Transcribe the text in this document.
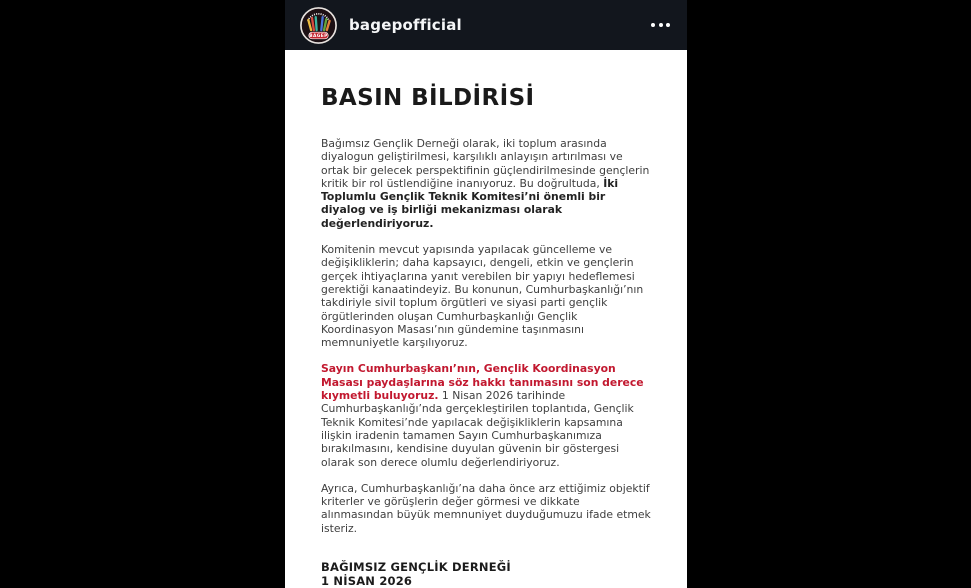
BAGEP
bagepofficial
BASIN BİLDİRİSİ

Bağımsız Gençlik Derneği olarak, iki toplum arasında diyalogun geliştirilmesi, karşılıklı anlayışın artırılması ve ortak bir gelecek perspektifinin güçlendirilmesinde gençlerin kritik bir rol üstlendiğine inanıyoruz. Bu doğrultuda, İki Toplumlu Gençlik Teknik Komitesi’ni önemli bir diyalog ve iş birliği mekanizması olarak değerlendiriyoruz.

Komitenin mevcut yapısında yapılacak güncelleme ve değişikliklerin; daha kapsayıcı, dengeli, etkin ve gençlerin gerçek ihtiyaçlarına yanıt verebilen bir yapıyı hedeflemesi gerektiği kanaatindeyiz. Bu konunun, Cumhurbaşkanlığı’nın takdiriyle sivil toplum örgütleri ve siyasi parti gençlik örgütlerinden oluşan Cumhurbaşkanlığı Gençlik Koordinasyon Masası’nın gündemine taşınmasını memnuniyetle karşılıyoruz.

Sayın Cumhurbaşkanı’nın, Gençlik Koordinasyon Masası paydaşlarına söz hakkı tanımasını son derece kıymetli buluyoruz. 1 Nisan 2026 tarihinde Cumhurbaşkanlığı’nda gerçekleştirilen toplantıda, Gençlik Teknik Komitesi’nde yapılacak değişikliklerin kapsamına ilişkin iradenin tamamen Sayın Cumhurbaşkanımıza bırakılmasını, kendisine duyulan güvenin bir göstergesi olarak son derece olumlu değerlendiriyoruz.

Ayrıca, Cumhurbaşkanlığı’na daha önce arz ettiğimiz objektif kriterler ve görüşlerin değer görmesi ve dikkate alınmasından büyük memnuniyet duyduğumuzu ifade etmek isteriz.

BAĞIMSIZ GENÇLİK DERNEĞİ
1 NİSAN 2026
